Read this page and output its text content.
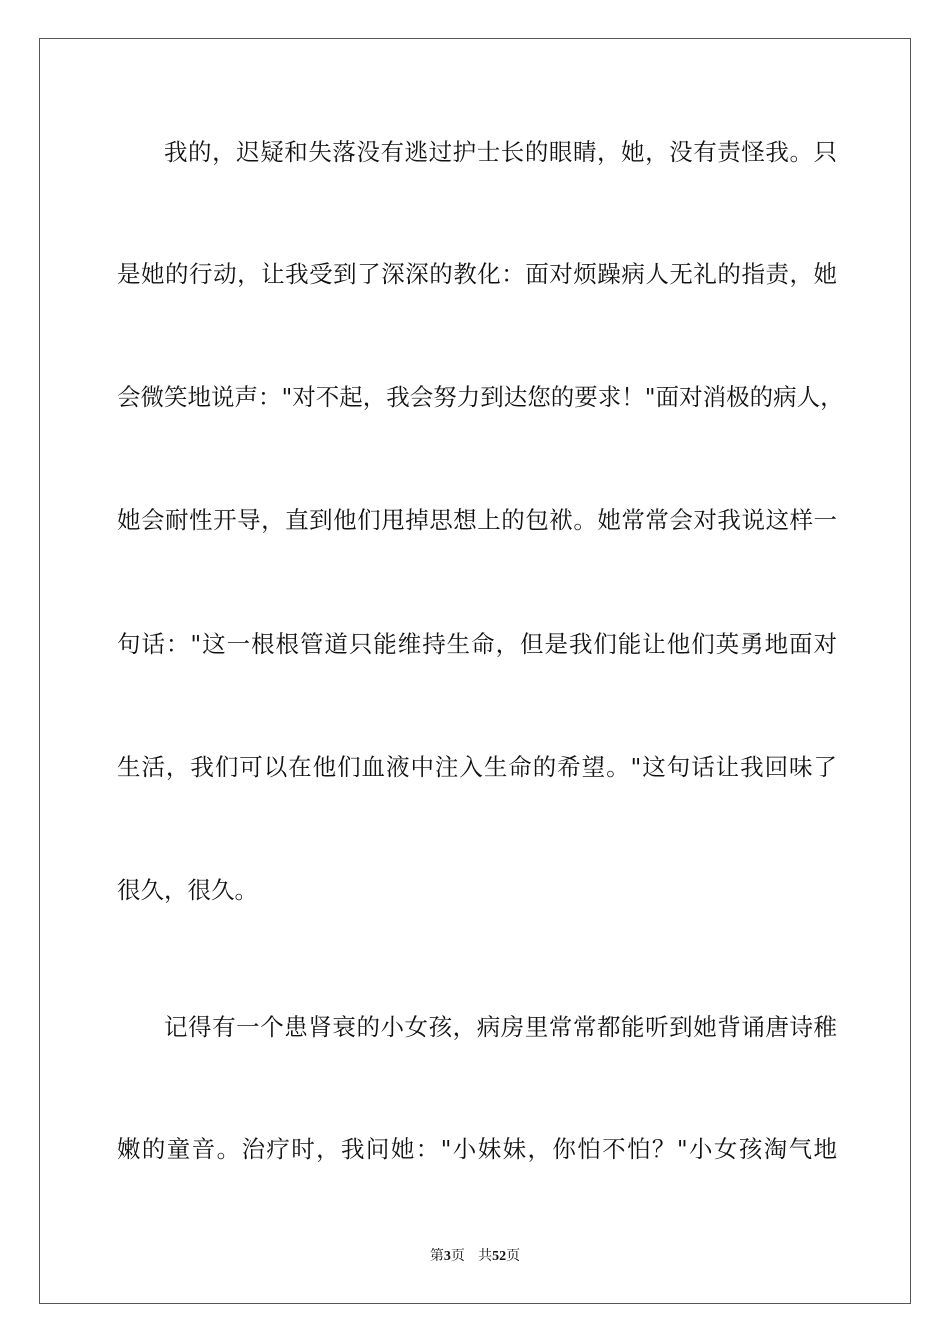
我的，迟疑和失落没有逃过护士长的眼睛，她，没有责怪我。只
是她的行动，让我受到了深深的教化：面对烦躁病人无礼的指责，她
会微笑地说声："对不起，我会努力到达您的要求！"面对消极的病人，
她会耐性开导，直到他们甩掉思想上的包袱。她常常会对我说这样一
句话："这一根根管道只能维持生命，但是我们能让他们英勇地面对
生活，我们可以在他们血液中注入生命的希望。"这句话让我回味了
很久，很久。
记得有一个患肾衰的小女孩，病房里常常都能听到她背诵唐诗稚
嫩的童音。治疗时，我问她："小妹妹，你怕不怕？"小女孩淘气地
第3页 共52页
